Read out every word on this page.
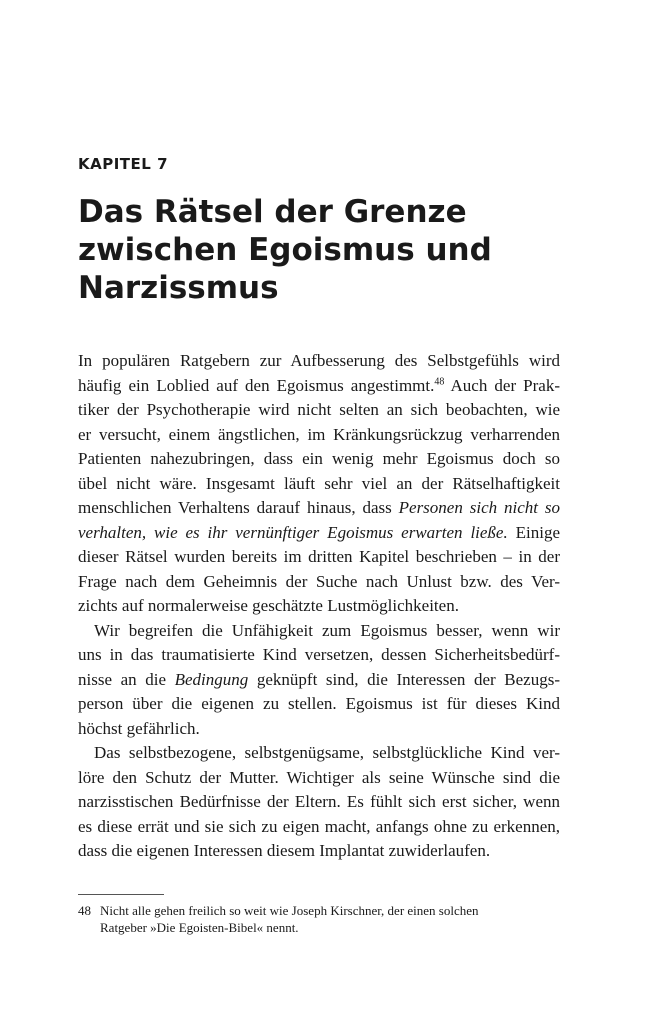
KAPITEL 7
Das Rätsel der Grenze
zwischen Egoismus und
Narzissmus
In populären Ratgebern zur Aufbesserung des Selbstgefühls wird
häufig ein Loblied auf den Egoismus angestimmt.$^{48}$ Auch der Prak-
tiker der Psychotherapie wird nicht selten an sich beobachten, wie
er versucht, einem ängstlichen, im Kränkungsrückzug verharrenden
Patienten nahezubringen, dass ein wenig mehr Egoismus doch so
übel nicht wäre. Insgesamt läuft sehr viel an der Rätselhaftigkeit
menschlichen Verhaltens darauf hinaus, dass Personen sich nicht so
verhalten, wie es ihr vernünftiger Egoismus erwarten ließe. Einige
dieser Rätsel wurden bereits im dritten Kapitel beschrieben – in der
Frage nach dem Geheimnis der Suche nach Unlust bzw. des Ver-
zichts auf normalerweise geschätzte Lustmöglichkeiten.
Wir begreifen die Unfähigkeit zum Egoismus besser, wenn wir
uns in das traumatisierte Kind versetzen, dessen Sicherheitsbedürf-
nisse an die Bedingung geknüpft sind, die Interessen der Bezugs-
person über die eigenen zu stellen. Egoismus ist für dieses Kind
höchst gefährlich.
Das selbstbezogene, selbstgenügsame, selbstglückliche Kind ver-
löre den Schutz der Mutter. Wichtiger als seine Wünsche sind die
narzisstischen Bedürfnisse der Eltern. Es fühlt sich erst sicher, wenn
es diese errät und sie sich zu eigen macht, anfangs ohne zu erkennen,
dass die eigenen Interessen diesem Implantat zuwiderlaufen.
48 Nicht alle gehen freilich so weit wie Joseph Kirschner, der einen solchen
Ratgeber »Die Egoisten-Bibel« nennt.
